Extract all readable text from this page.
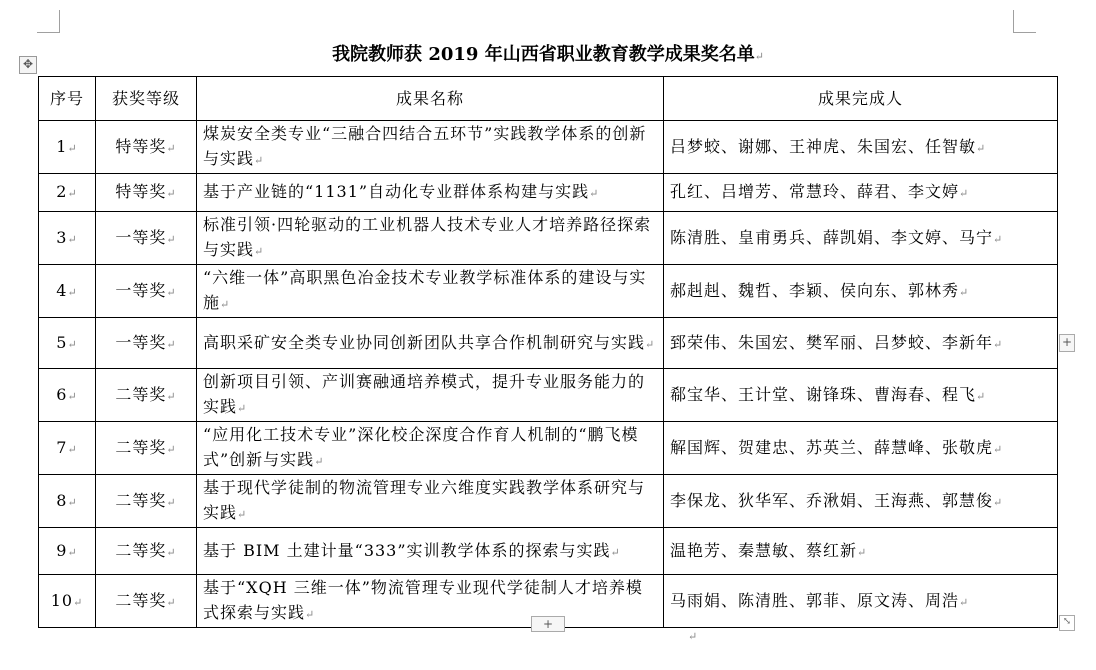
✥	我院教师获 2019 年山西省职业教育教学成果奖名单↵
序号	获奖等级	成果名称	成果完成人
1↵	特等奖↵	煤炭安全类专业“三融合四结合五环节”实践教学体系的创新与实践↵	吕梦蛟、谢娜、王神虎、朱国宏、任智敏↵
2↵	特等奖↵	基于产业链的“1131”自动化专业群体系构建与实践↵	孔红、吕增芳、常慧玲、薛君、李文婷↵
3↵	一等奖↵	标准引领·四轮驱动的工业机器人技术专业人才培养路径探索与实践↵	陈清胜、皇甫勇兵、薛凯娟、李文婷、马宁↵
4↵	一等奖↵	“六维一体”高职黑色冶金技术专业教学标准体系的建设与实施↵	郝赳赳、魏哲、李颖、侯向东、郭林秀↵
5↵	一等奖↵	高职采矿安全类专业协同创新团队共享合作机制研究与实践↵	郅荣伟、朱国宏、樊军丽、吕梦蛟、李新年↵
6↵	二等奖↵	创新项目引领、产训赛融通培养模式，提升专业服务能力的实践↵	郗宝华、王计堂、谢锋珠、曹海春、程飞↵
7↵	二等奖↵	“应用化工技术专业”深化校企深度合作育人机制的“鹏飞模式”创新与实践↵	解国辉、贺建忠、苏英兰、薛慧峰、张敬虎↵
8↵	二等奖↵	基于现代学徒制的物流管理专业六维度实践教学体系研究与实践↵	李保龙、狄华军、乔湫娟、王海燕、郭慧俊↵
9↵	二等奖↵	基于 BIM 土建计量“333”实训教学体系的探索与实践↵	温艳芳、秦慧敏、蔡红新↵
10↵	二等奖↵	基于“XQH 三维一体”物流管理专业现代学徒制人才培养模式探索与实践↵	马雨娟、陈清胜、郭菲、原文涛、周浩↵
+
+	⤡
↵
